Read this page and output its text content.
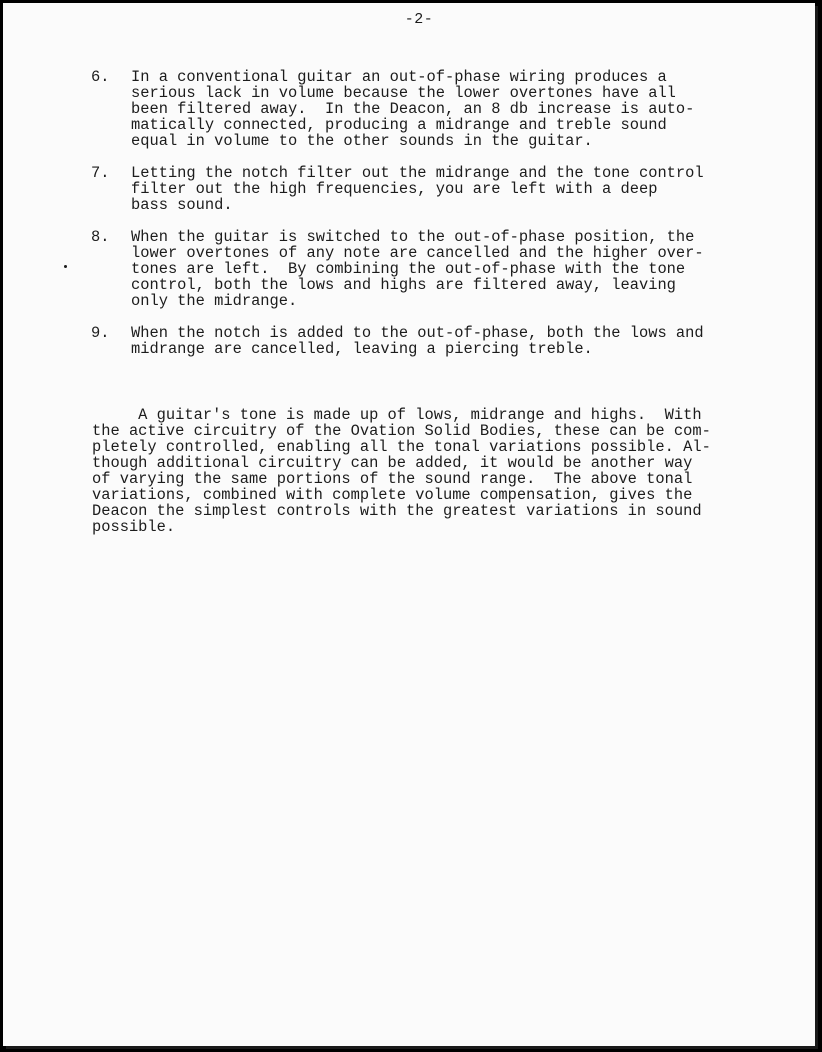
-2-
6.	In a conventional guitar an out-of-phase wiring produces a
serious lack in volume because the lower overtones have all
been filtered away.  In the Deacon, an 8 db increase is auto-
matically connected, producing a midrange and treble sound
equal in volume to the other sounds in the guitar.
7.	Letting the notch filter out the midrange and the tone control
filter out the high frequencies, you are left with a deep
bass sound.
8.	When the guitar is switched to the out-of-phase position, the
lower overtones of any note are cancelled and the higher over-
tones are left.  By combining the out-of-phase with the tone
control, both the lows and highs are filtered away, leaving
only the midrange.
9.	When the notch is added to the out-of-phase, both the lows and
midrange are cancelled, leaving a piercing treble.
A guitar's tone is made up of lows, midrange and highs.  With
the active circuitry of the Ovation Solid Bodies, these can be com-
pletely controlled, enabling all the tonal variations possible. Al-
though additional circuitry can be added, it would be another way
of varying the same portions of the sound range.  The above tonal
variations, combined with complete volume compensation, gives the
Deacon the simplest controls with the greatest variations in sound
possible.
